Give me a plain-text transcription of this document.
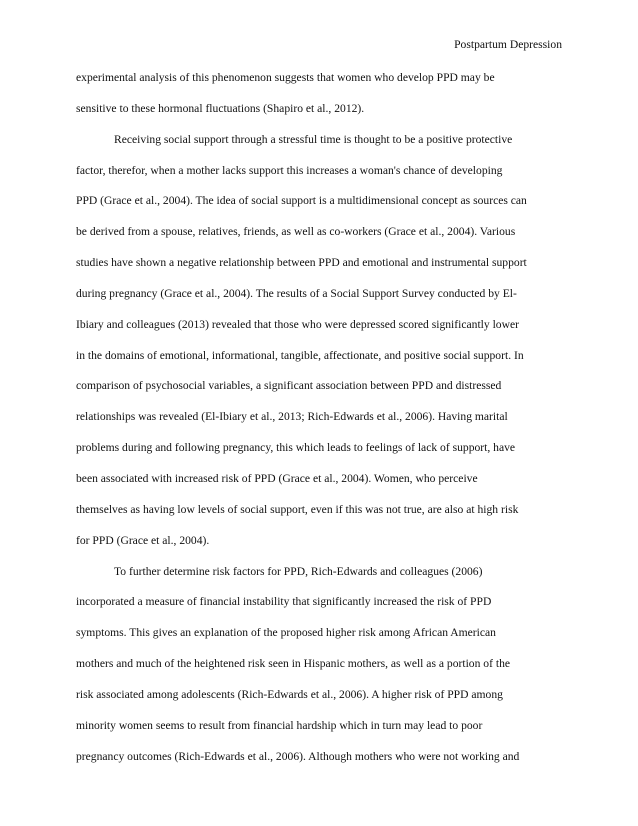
Postpartum Depression
experimental analysis of this phenomenon suggests that women who develop PPD may be
sensitive to these hormonal fluctuations (Shapiro et al., 2012).
Receiving social support through a stressful time is thought to be a positive protective
factor, therefor, when a mother lacks support this increases a woman's chance of developing
PPD (Grace et al., 2004). The idea of social support is a multidimensional concept as sources can
be derived from a spouse, relatives, friends, as well as co-workers (Grace et al., 2004). Various
studies have shown a negative relationship between PPD and emotional and instrumental support
during pregnancy (Grace et al., 2004). The results of a Social Support Survey conducted by El-
Ibiary and colleagues (2013) revealed that those who were depressed scored significantly lower
in the domains of emotional, informational, tangible, affectionate, and positive social support. In
comparison of psychosocial variables, a significant association between PPD and distressed
relationships was revealed (El-Ibiary et al., 2013; Rich-Edwards et al., 2006). Having marital
problems during and following pregnancy, this which leads to feelings of lack of support, have
been associated with increased risk of PPD (Grace et al., 2004). Women, who perceive
themselves as having low levels of social support, even if this was not true, are also at high risk
for PPD (Grace et al., 2004).
To further determine risk factors for PPD, Rich-Edwards and colleagues (2006)
incorporated a measure of financial instability that significantly increased the risk of PPD
symptoms. This gives an explanation of the proposed higher risk among African American
mothers and much of the heightened risk seen in Hispanic mothers, as well as a portion of the
risk associated among adolescents (Rich-Edwards et al., 2006). A higher risk of PPD among
minority women seems to result from financial hardship which in turn may lead to poor
pregnancy outcomes (Rich-Edwards et al., 2006). Although mothers who were not working and
